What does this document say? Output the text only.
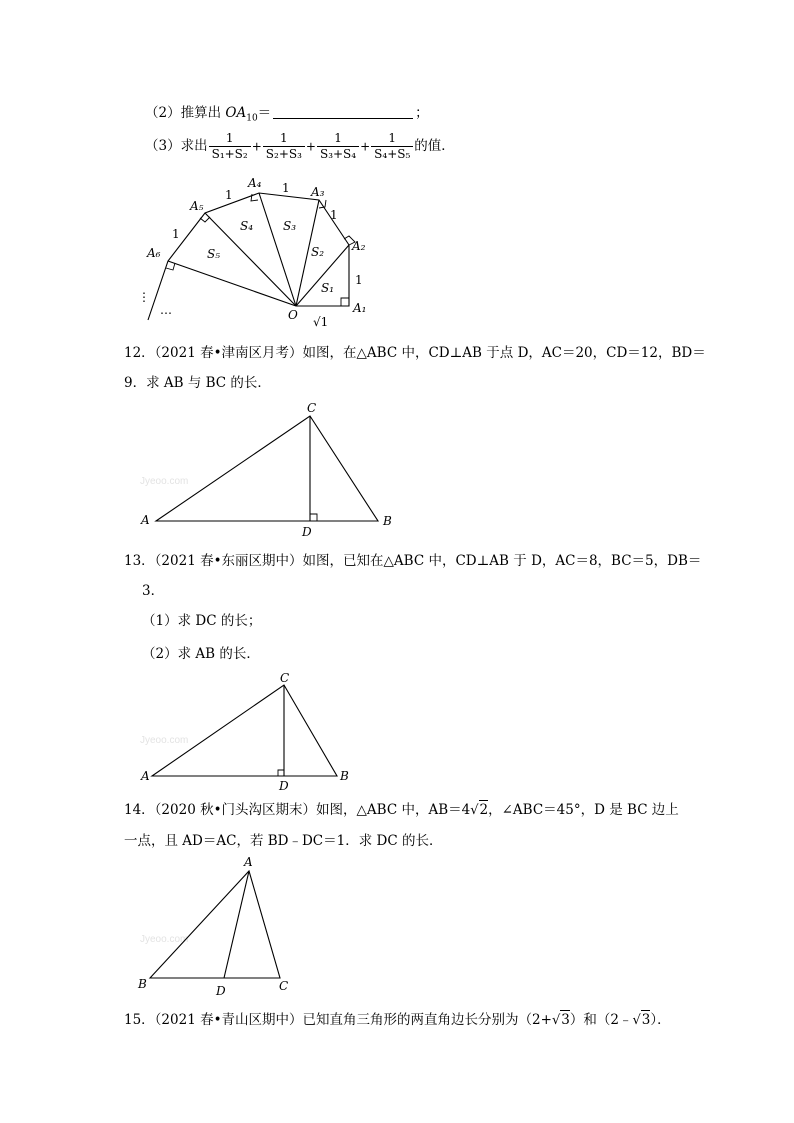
（2）推算出 $OA_{10}=$	；
（3）求出 $\frac{1}{\text{S₁+S₂}} + \frac{1}{\text{S₂+S₃}} + \frac{1}{\text{S₃+S₄}} + \frac{1}{\text{S₄+S₅}}$ 的值．
O	A₁
A₂
A₃
A₄
A₅
A₆
S₁
S₂
S₃
S₄
S₅
1
1
1
1
1
√1
⋮
…
12．（2021 春•津南区月考）如图，在△ABC 中，CD⊥AB 于点 D，AC＝20，CD＝12，BD＝
9．求 AB 与 BC 的长．
Jyeoo.com
A	B
C
D
13．（2021 春•东丽区期中）如图，已知在△ABC 中，CD⊥AB 于 D，AC＝8，BC＝5，DB＝
3．
（1）求 DC 的长；
（2）求 AB 的长．
Jyeoo.com
A	B
C
D
14．（2020 秋•门头沟区期末）如图，△ABC 中，AB＝4√2，∠ABC＝45°，D 是 BC 边上
一点，且 AD＝AC，若 BD﹣DC＝1．求 DC 的长．
Jyeoo.com
A
B	C
D
15．（2021 春•青山区期中）已知直角三角形的两直角边长分别为（2+√3）和（2﹣√3）．
